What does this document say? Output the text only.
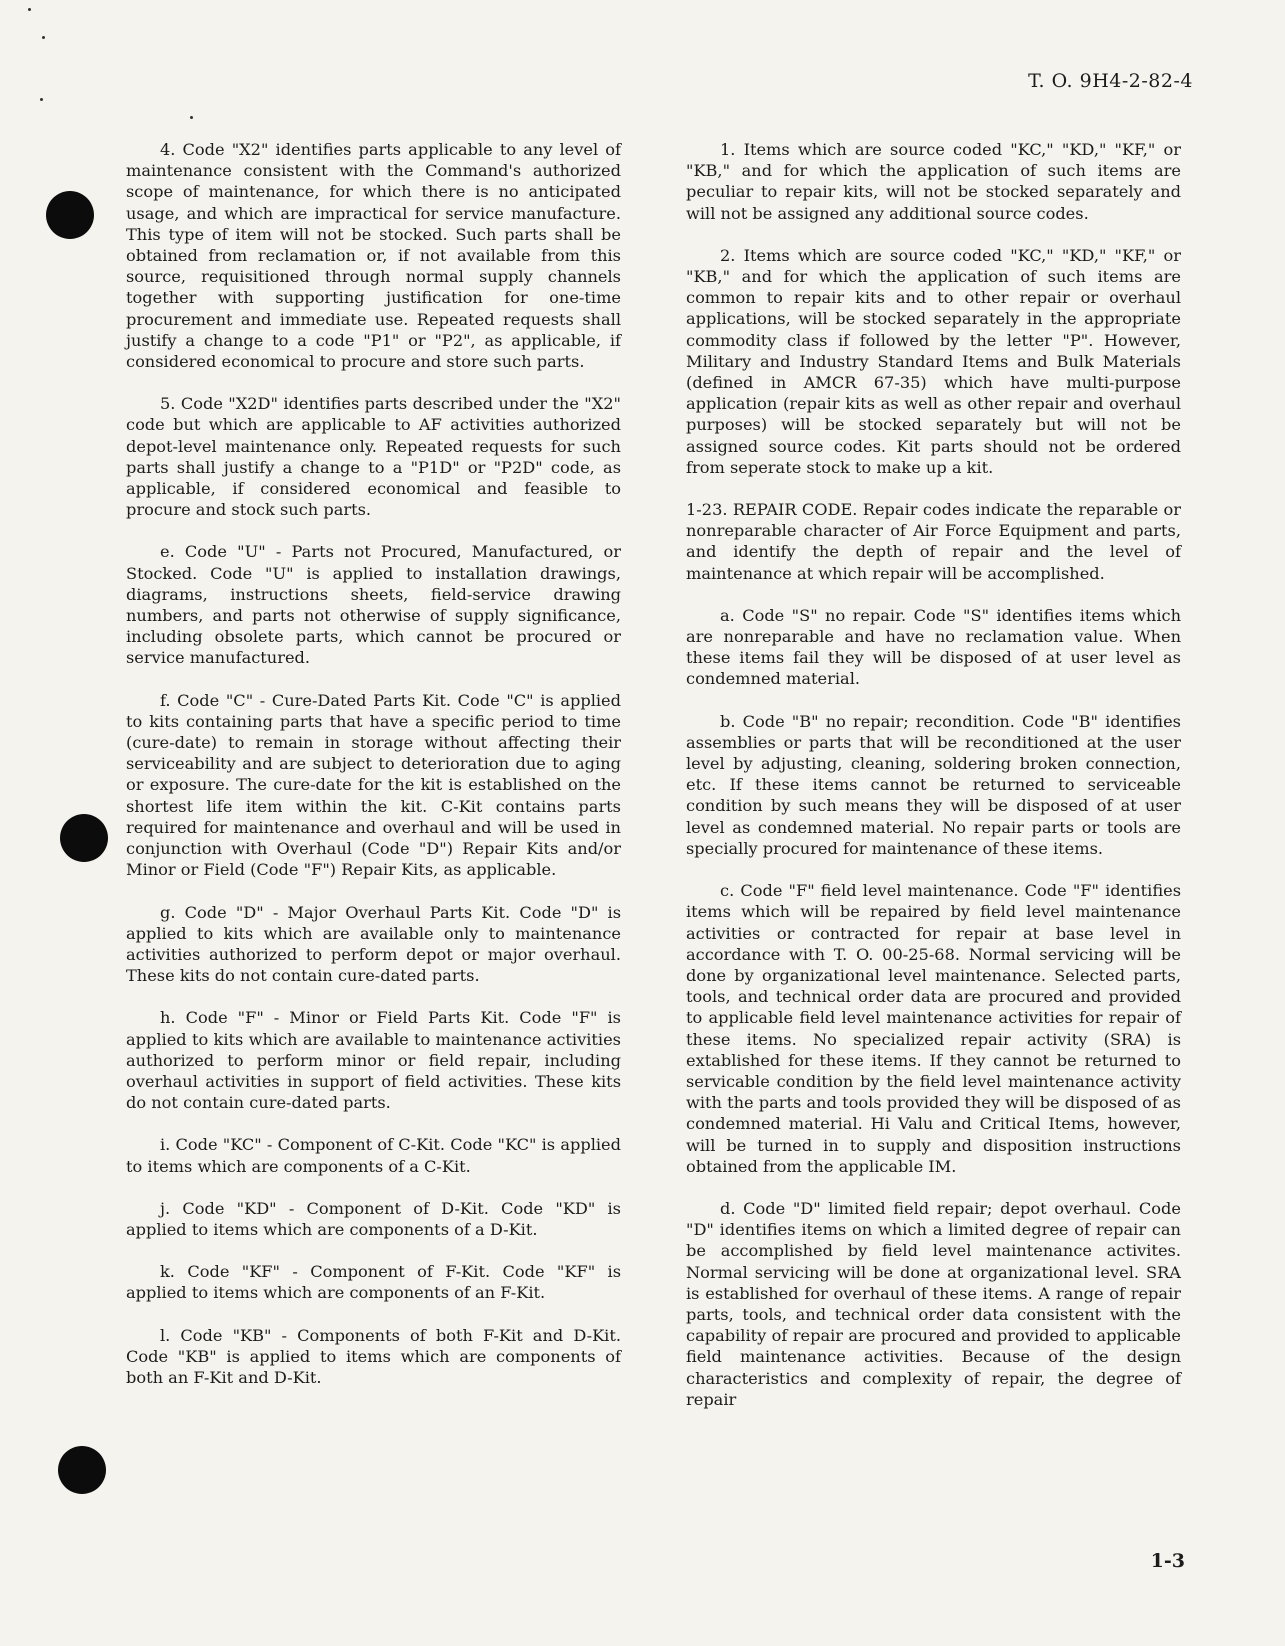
T. O. 9H4-2-82-4

4. Code "X2" identifies parts applicable to any level of maintenance consistent with the Command's authorized scope of maintenance, for which there is no anticipated usage, and which are impractical for service manufacture. This type of item will not be stocked. Such parts shall be obtained from reclamation or, if not available from this source, requisitioned through normal supply channels together with supporting justification for one-time procurement and immediate use. Repeated requests shall justify a change to a code "P1" or "P2", as applicable, if considered economical to procure and store such parts.

5. Code "X2D" identifies parts described under the "X2" code but which are applicable to AF activities authorized depot-level maintenance only. Repeated requests for such parts shall justify a change to a "P1D" or "P2D" code, as applicable, if considered economical and feasible to procure and stock such parts.

e. Code "U" - Parts not Procured, Manufactured, or Stocked. Code "U" is applied to installation drawings, diagrams, instructions sheets, field-service drawing numbers, and parts not otherwise of supply significance, including obsolete parts, which cannot be procured or service manufactured.

f. Code "C" - Cure-Dated Parts Kit. Code "C" is applied to kits containing parts that have a specific period to time (cure-date) to remain in storage without affecting their serviceability and are subject to deterioration due to aging or exposure. The cure-date for the kit is established on the shortest life item within the kit. C-Kit contains parts required for maintenance and overhaul and will be used in conjunction with Overhaul (Code "D") Repair Kits and/or Minor or Field (Code "F") Repair Kits, as applicable.

g. Code "D" - Major Overhaul Parts Kit. Code "D" is applied to kits which are available only to maintenance activities authorized to perform depot or major overhaul. These kits do not contain cure-dated parts.

h. Code "F" - Minor or Field Parts Kit. Code "F" is applied to kits which are available to maintenance activities authorized to perform minor or field repair, including overhaul activities in support of field activities. These kits do not contain cure-dated parts.

i. Code "KC" - Component of C-Kit. Code "KC" is applied to items which are components of a C-Kit.

j. Code "KD" - Component of D-Kit. Code "KD" is applied to items which are components of a D-Kit.

k. Code "KF" - Component of F-Kit. Code "KF" is applied to items which are components of an F-Kit.

l. Code "KB" - Components of both F-Kit and D-Kit. Code "KB" is applied to items which are components of both an F-Kit and D-Kit.

1. Items which are source coded "KC," "KD," "KF," or "KB," and for which the application of such items are peculiar to repair kits, will not be stocked separately and will not be assigned any additional source codes.

2. Items which are source coded "KC," "KD," "KF," or "KB," and for which the application of such items are common to repair kits and to other repair or overhaul applications, will be stocked separately in the appropriate commodity class if followed by the letter "P". However, Military and Industry Standard Items and Bulk Materials (defined in AMCR 67-35) which have multi-purpose application (repair kits as well as other repair and overhaul purposes) will be stocked separately but will not be assigned source codes. Kit parts should not be ordered from seperate stock to make up a kit.

1-23. REPAIR CODE. Repair codes indicate the reparable or nonreparable character of Air Force Equipment and parts, and identify the depth of repair and the level of maintenance at which repair will be accomplished.

a. Code "S" no repair. Code "S" identifies items which are nonreparable and have no reclamation value. When these items fail they will be disposed of at user level as condemned material.

b. Code "B" no repair; recondition. Code "B" identifies assemblies or parts that will be reconditioned at the user level by adjusting, cleaning, soldering broken connection, etc. If these items cannot be returned to serviceable condition by such means they will be disposed of at user level as condemned material. No repair parts or tools are specially procured for maintenance of these items.

c. Code "F" field level maintenance. Code "F" identifies items which will be repaired by field level maintenance activities or contracted for repair at base level in accordance with T. O. 00-25-68. Normal servicing will be done by organizational level maintenance. Selected parts, tools, and technical order data are procured and provided to applicable field level maintenance activities for repair of these items. No specialized repair activity (SRA) is extablished for these items. If they cannot be returned to servicable condition by the field level maintenance activity with the parts and tools provided they will be disposed of as condemned material. Hi Valu and Critical Items, however, will be turned in to supply and disposition instructions obtained from the applicable IM.

d. Code "D" limited field repair; depot overhaul. Code "D" identifies items on which a limited degree of repair can be accomplished by field level maintenance activites. Normal servicing will be done at organizational level. SRA is established for overhaul of these items. A range of repair parts, tools, and technical order data consistent with the capability of repair are procured and provided to applicable field maintenance activities. Because of the design characteristics and complexity of repair, the degree of repair

1-3
